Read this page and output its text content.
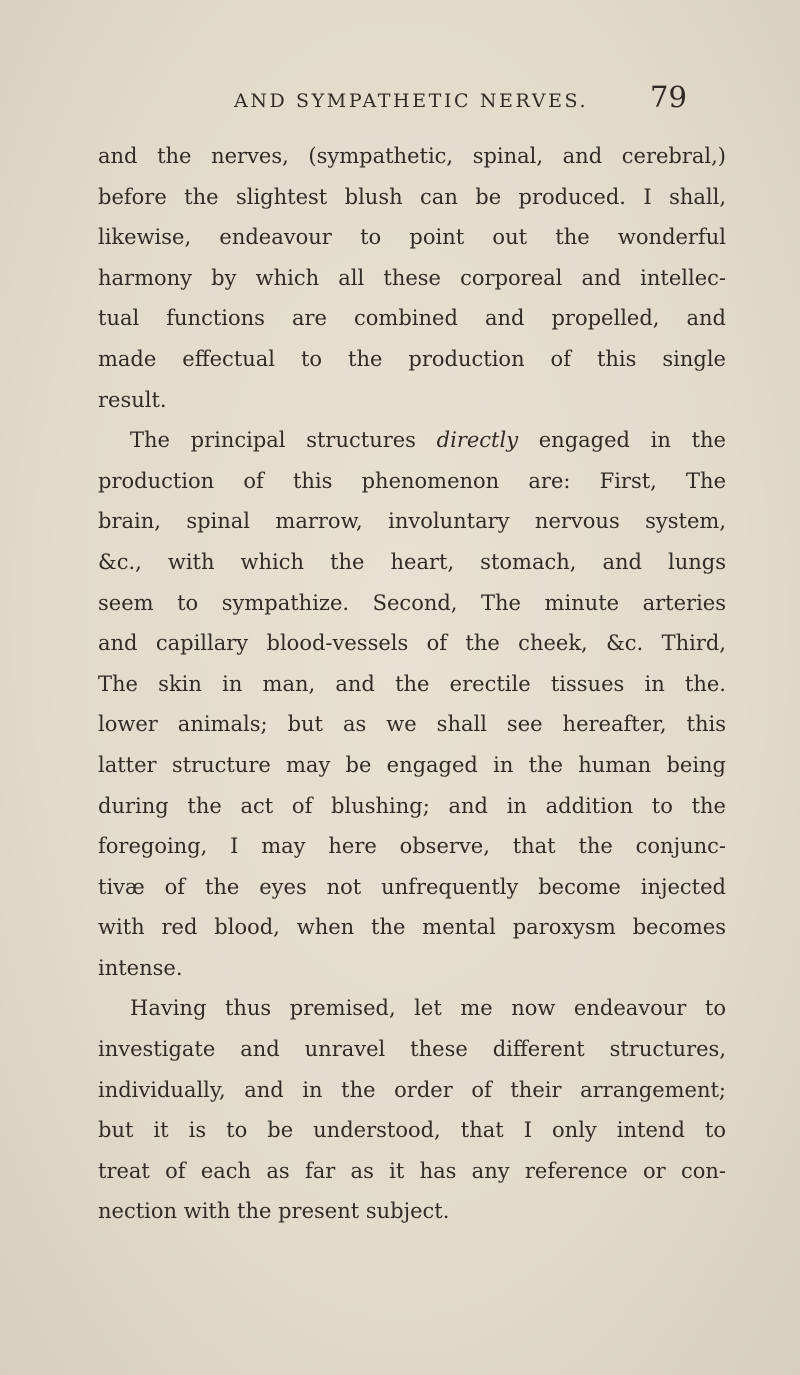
AND SYMPATHETIC NERVES. 79
and the nerves, (sympathetic, spinal, and cerebral,)
before the slightest blush can be produced. I shall,
likewise, endeavour to point out the wonderful
harmony by which all these corporeal and intellec-
tual functions are combined and propelled, and
made effectual to the production of this single
result.
The principal structures directly engaged in the
production of this phenomenon are: First, The
brain, spinal marrow, involuntary nervous system,
&c., with which the heart, stomach, and lungs
seem to sympathize. Second, The minute arteries
and capillary blood-vessels of the cheek, &c. Third,
The skin in man, and the erectile tissues in the.
lower animals; but as we shall see hereafter, this
latter structure may be engaged in the human being
during the act of blushing; and in addition to the
foregoing, I may here observe, that the conjunc-
tivæ of the eyes not unfrequently become injected
with red blood, when the mental paroxysm becomes
intense.
Having thus premised, let me now endeavour to
investigate and unravel these different structures,
individually, and in the order of their arrangement;
but it is to be understood, that I only intend to
treat of each as far as it has any reference or con-
nection with the present subject.
